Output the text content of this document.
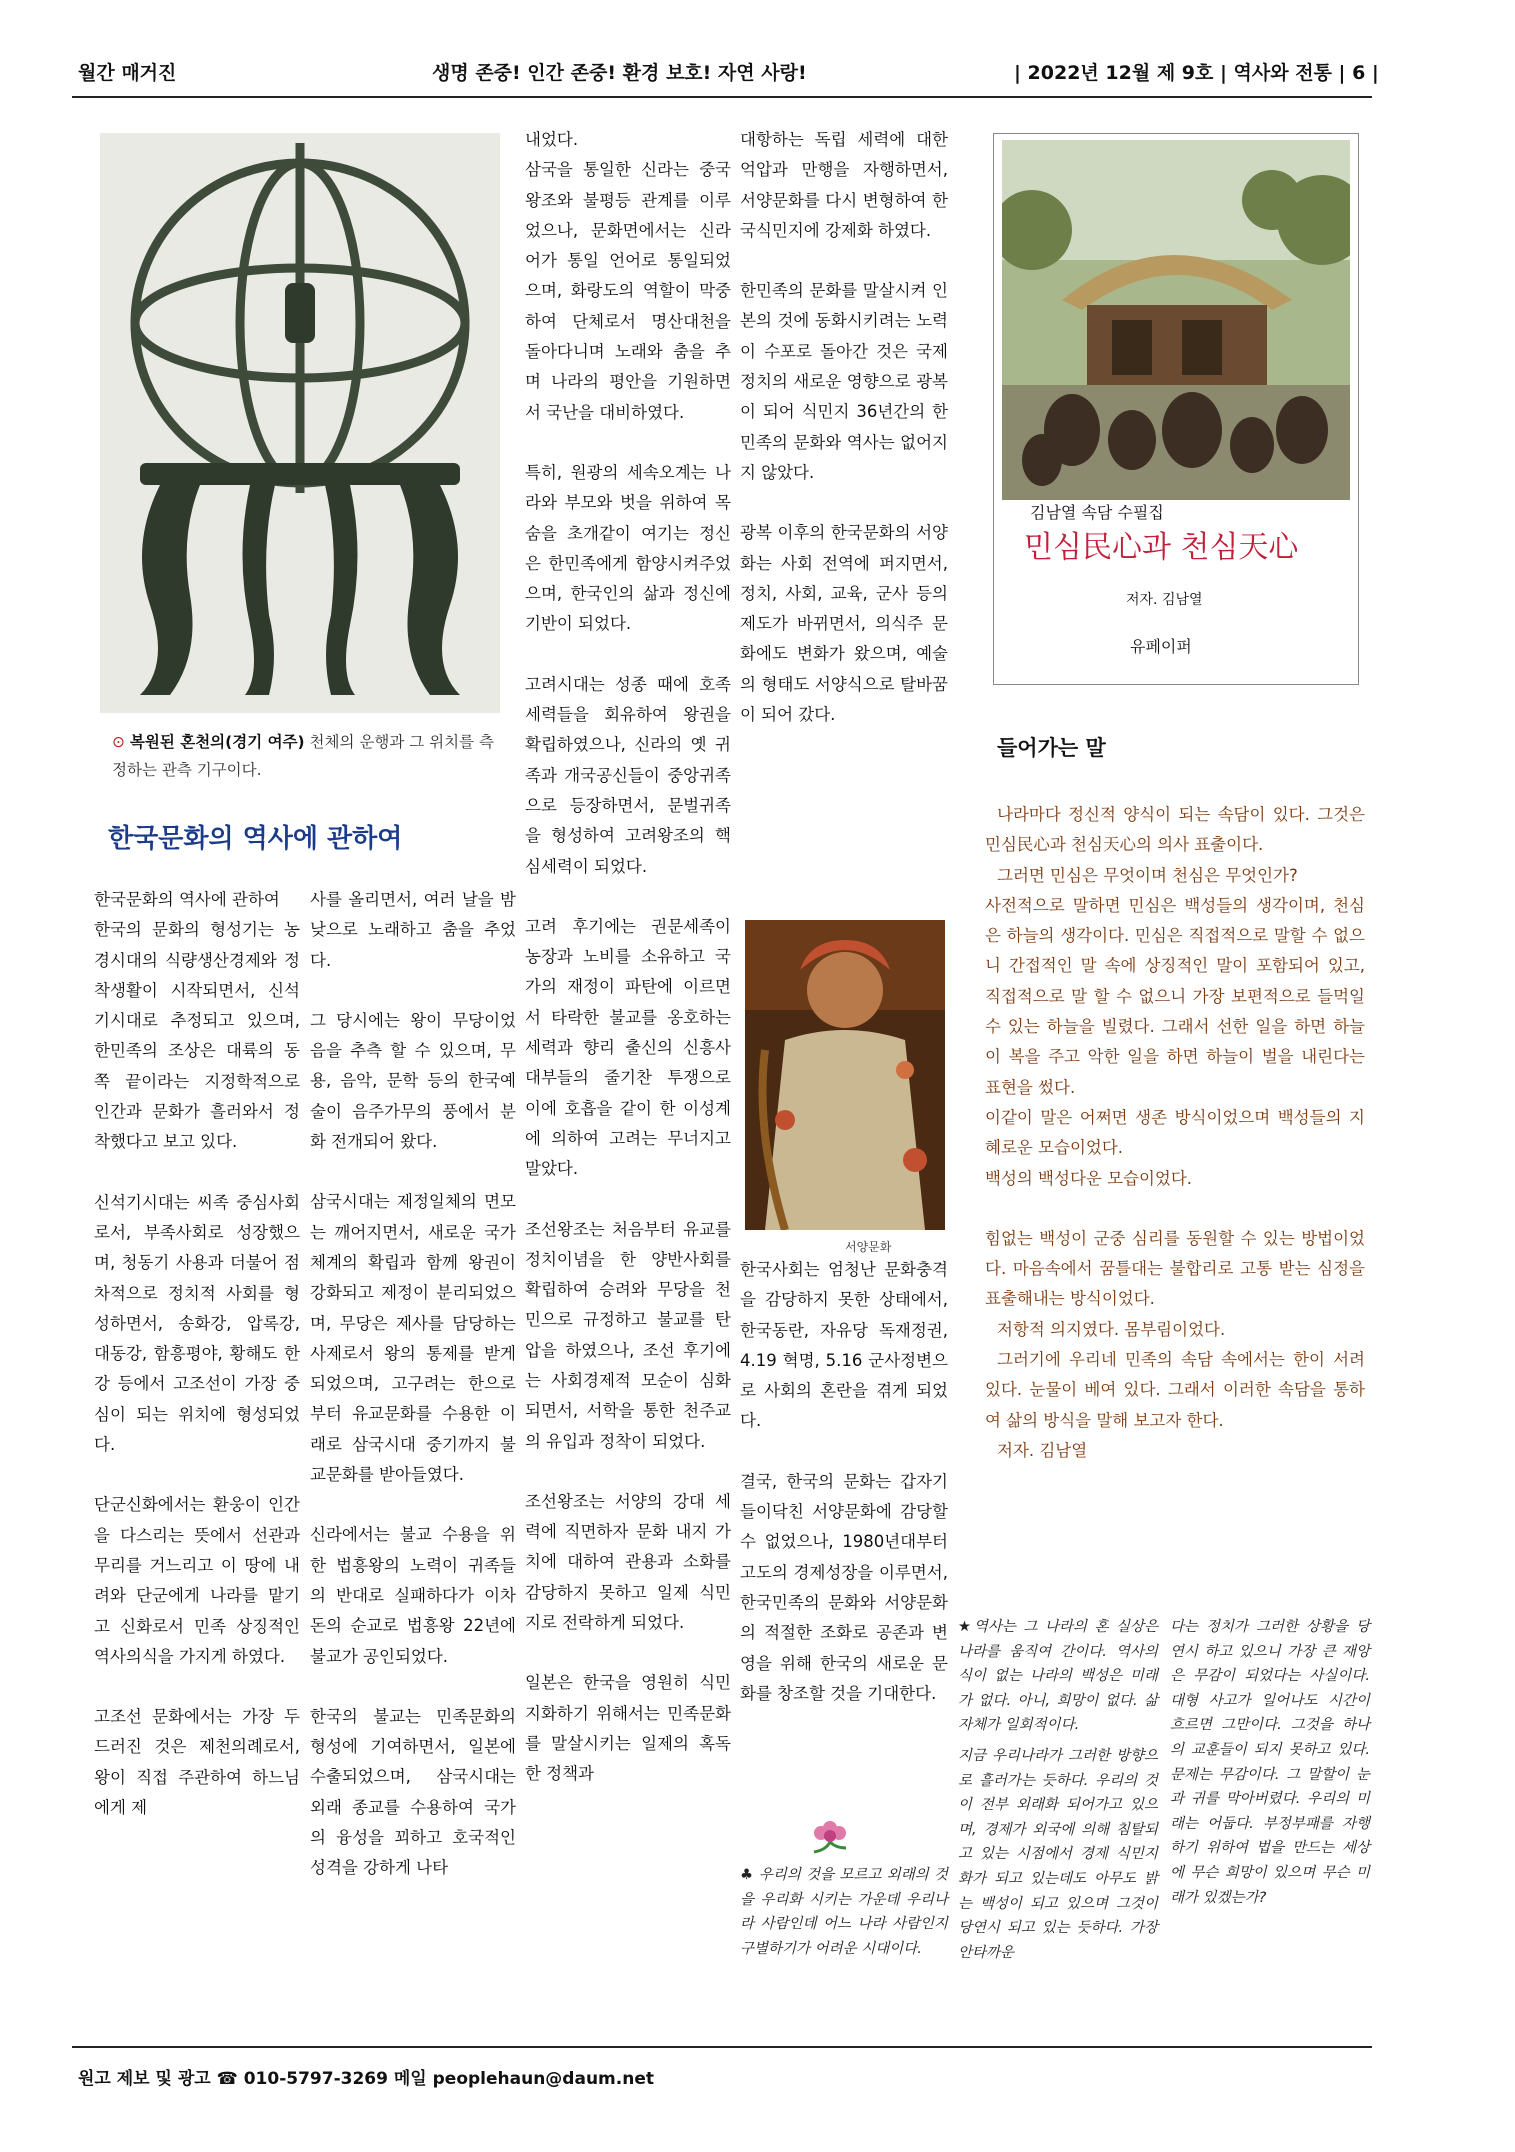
월간 매거진	생명 존중! 인간 존중! 환경 보호! 자연 사랑!	| 2022년 12월 제 9호 | 역사와 전통 | 6 |
⊙ 복원된 혼천의(경기 여주) 천체의 운행과 그 위치를 측정하는 관측 기구이다.
한국문화의 역사에 관하여

한국문화의 역사에 관하여

한국의 문화의 형성기는 농경시대의 식량생산경제와 정착생활이 시작되면서, 신석기시대로 추정되고 있으며, 한민족의 조상은 대륙의 동쪽 끝이라는 지정학적으로 인간과 문화가 흘러와서 정착했다고 보고 있다.

신석기시대는 씨족 중심사회로서, 부족사회로 성장했으며, 청동기 사용과 더불어 점차적으로 정치적 사회를 형성하면서, 송화강, 압록강, 대동강, 함흥평야, 황해도 한강 등에서 고조선이 가장 중심이 되는 위치에 형성되었다.

단군신화에서는 환웅이 인간을 다스리는 뜻에서 선관과 무리를 거느리고 이 땅에 내려와 단군에게 나라를 맡기고 신화로서 민족 상징적인 역사의식을 가지게 하였다.

고조선 문화에서는 가장 두드러진 것은 제천의례로서, 왕이 직접 주관하여 하느님에게 제

사를 올리면서, 여러 날을 밤낮으로 노래하고 춤을 추었다.

그 당시에는 왕이 무당이었음을 추측 할 수 있으며, 무용, 음악, 문학 등의 한국예술이 음주가무의 풍에서 분화 전개되어 왔다.

삼국시대는 제정일체의 면모는 깨어지면서, 새로운 국가체계의 확립과 함께 왕권이 강화되고 제정이 분리되었으며, 무당은 제사를 담당하는 사제로서 왕의 통제를 받게 되었으며, 고구려는 한으로부터 유교문화를 수용한 이래로 삼국시대 중기까지 불교문화를 받아들였다.

신라에서는 불교 수용을 위한 법흥왕의 노력이 귀족들의 반대로 실패하다가 이차돈의 순교로 법흥왕 22년에 불교가 공인되었다.

한국의 불교는 민족문화의 형성에 기여하면서, 일본에 수출되었으며, 삼국시대는 외래 종교를 수용하여 국가의 융성을 꾀하고 호국적인 성격을 강하게 나타

내었다.

삼국을 통일한 신라는 중국 왕조와 불평등 관계를 이루었으나, 문화면에서는 신라어가 통일 언어로 통일되었으며, 화랑도의 역할이 막중하여 단체로서 명산대천을 돌아다니며 노래와 춤을 추며 나라의 평안을 기원하면서 국난을 대비하였다.

특히, 원광의 세속오계는 나라와 부모와 벗을 위하여 목숨을 초개같이 여기는 정신은 한민족에게 함양시켜주었으며, 한국인의 삶과 정신에 기반이 되었다.

고려시대는 성종 때에 호족세력들을 회유하여 왕권을 확립하였으나, 신라의 옛 귀족과 개국공신들이 중앙귀족으로 등장하면서, 문벌귀족을 형성하여 고려왕조의 핵심세력이 되었다.

고려 후기에는 권문세족이 농장과 노비를 소유하고 국가의 재정이 파탄에 이르면서 타락한 불교를 옹호하는 세력과 향리 출신의 신흥사대부들의 줄기찬 투쟁으로 이에 호흡을 같이 한 이성계에 의하여 고려는 무너지고 말았다.

조선왕조는 처음부터 유교를 정치이념을 한 양반사회를 확립하여 승려와 무당을 천민으로 규정하고 불교를 탄압을 하였으나, 조선 후기에는 사회경제적 모순이 심화되면서, 서학을 통한 천주교의 유입과 정착이 되었다.

조선왕조는 서양의 강대 세력에 직면하자 문화 내지 가치에 대하여 관용과 소화를 감당하지 못하고 일제 식민지로 전락하게 되었다.

일본은 한국을 영원히 식민지화하기 위해서는 민족문화를 말살시키는 일제의 혹독한 정책과

대항하는 독립 세력에 대한 억압과 만행을 자행하면서, 서양문화를 다시 변형하여 한국식민지에 강제화 하였다.

한민족의 문화를 말살시켜 인본의 것에 동화시키려는 노력이 수포로 돌아간 것은 국제정치의 새로운 영향으로 광복이 되어 식민지 36년간의 한민족의 문화와 역사는 없어지지 않았다.

광복 이후의 한국문화의 서양화는 사회 전역에 퍼지면서, 정치, 사회, 교육, 군사 등의 제도가 바뀌면서, 의식주 문화에도 변화가 왔으며, 예술의 형태도 서양식으로 탈바꿈이 되어 갔다.

서양문화

한국사회는 엄청난 문화충격을 감당하지 못한 상태에서, 한국동란, 자유당 독재정권, 4.19 혁명, 5.16 군사정변으로 사회의 혼란을 겪게 되었다.

결국, 한국의 문화는 갑자기 들이닥친 서양문화에 감당할 수 없었으나, 1980년대부터 고도의 경제성장을 이루면서, 한국민족의 문화와 서양문화의 적절한 조화로 공존과 변영을 위해 한국의 새로운 문화를 창조할 것을 기대한다.

♣ 우리의 것을 모르고 외래의 것을 우리화 시키는 가운데 우리나라 사람인데 어느 나라 사람인지 구별하기가 어려운 시대이다.
김남열 속담 수필집
민심民心과 천심天心
저자. 김남열
유페이퍼
들어가는 말

나라마다 정신적 양식이 되는 속담이 있다. 그것은 민심民心과 천심天心의 의사 표출이다.

그러면 민심은 무엇이며 천심은 무엇인가?

사전적으로 말하면 민심은 백성들의 생각이며, 천심은 하늘의 생각이다. 민심은 직접적으로 말할 수 없으니 간접적인 말 속에 상징적인 말이 포함되어 있고, 직접적으로 말 할 수 없으니 가장 보편적으로 들먹일 수 있는 하늘을 빌렸다. 그래서 선한 일을 하면 하늘이 복을 주고 악한 일을 하면 하늘이 벌을 내린다는 표현을 썼다.

이같이 말은 어쩌면 생존 방식이었으며 백성들의 지혜로운 모습이었다.

백성의 백성다운 모습이었다.

힘없는 백성이 군중 심리를 동원할 수 있는 방법이었다. 마음속에서 꿈틀대는 불합리로 고통 받는 심정을 표출해내는 방식이었다.

저항적 의지였다. 몸부림이었다.

그러기에 우리네 민족의 속담 속에서는 한이 서려 있다. 눈물이 베여 있다. 그래서 이러한 속담을 통하여 삶의 방식을 말해 보고자 한다.

저자. 김남열

★역사는 그 나라의 혼 실상은 나라를 움직여 간이다. 역사의식이 없는 나라의 백성은 미래가 없다. 아니, 희망이 없다. 삶 자체가 일회적이다.
지금 우리나라가 그러한 방향으로 흘러가는 듯하다. 우리의 것이 전부 외래화 되어가고 있으며, 경제가 외국에 의해 침탈되고 있는 시점에서 경제 식민지화가 되고 있는데도 아무도 밝는 백성이 되고 있으며 그것이 당연시 되고 있는 듯하다. 가장 안타까운
다는 정치가 그러한 상황을 당연시 하고 있으니 가장 큰 재앙은 무감이 되었다는 사실이다. 대형 사고가 일어나도 시간이 흐르면 그만이다. 그것을 하나의 교훈들이 되지 못하고 있다. 문제는 무감이다. 그 말할이 눈과 귀를 막아버렸다. 우리의 미래는 어둡다. 부정부패를 자행하기 위하여 법을 만드는 세상에 무슨 희망이 있으며 무슨 미래가 있겠는가?
원고 제보 및 광고 ☎ 010-5797-3269 메일 peoplehaun@daum.net
